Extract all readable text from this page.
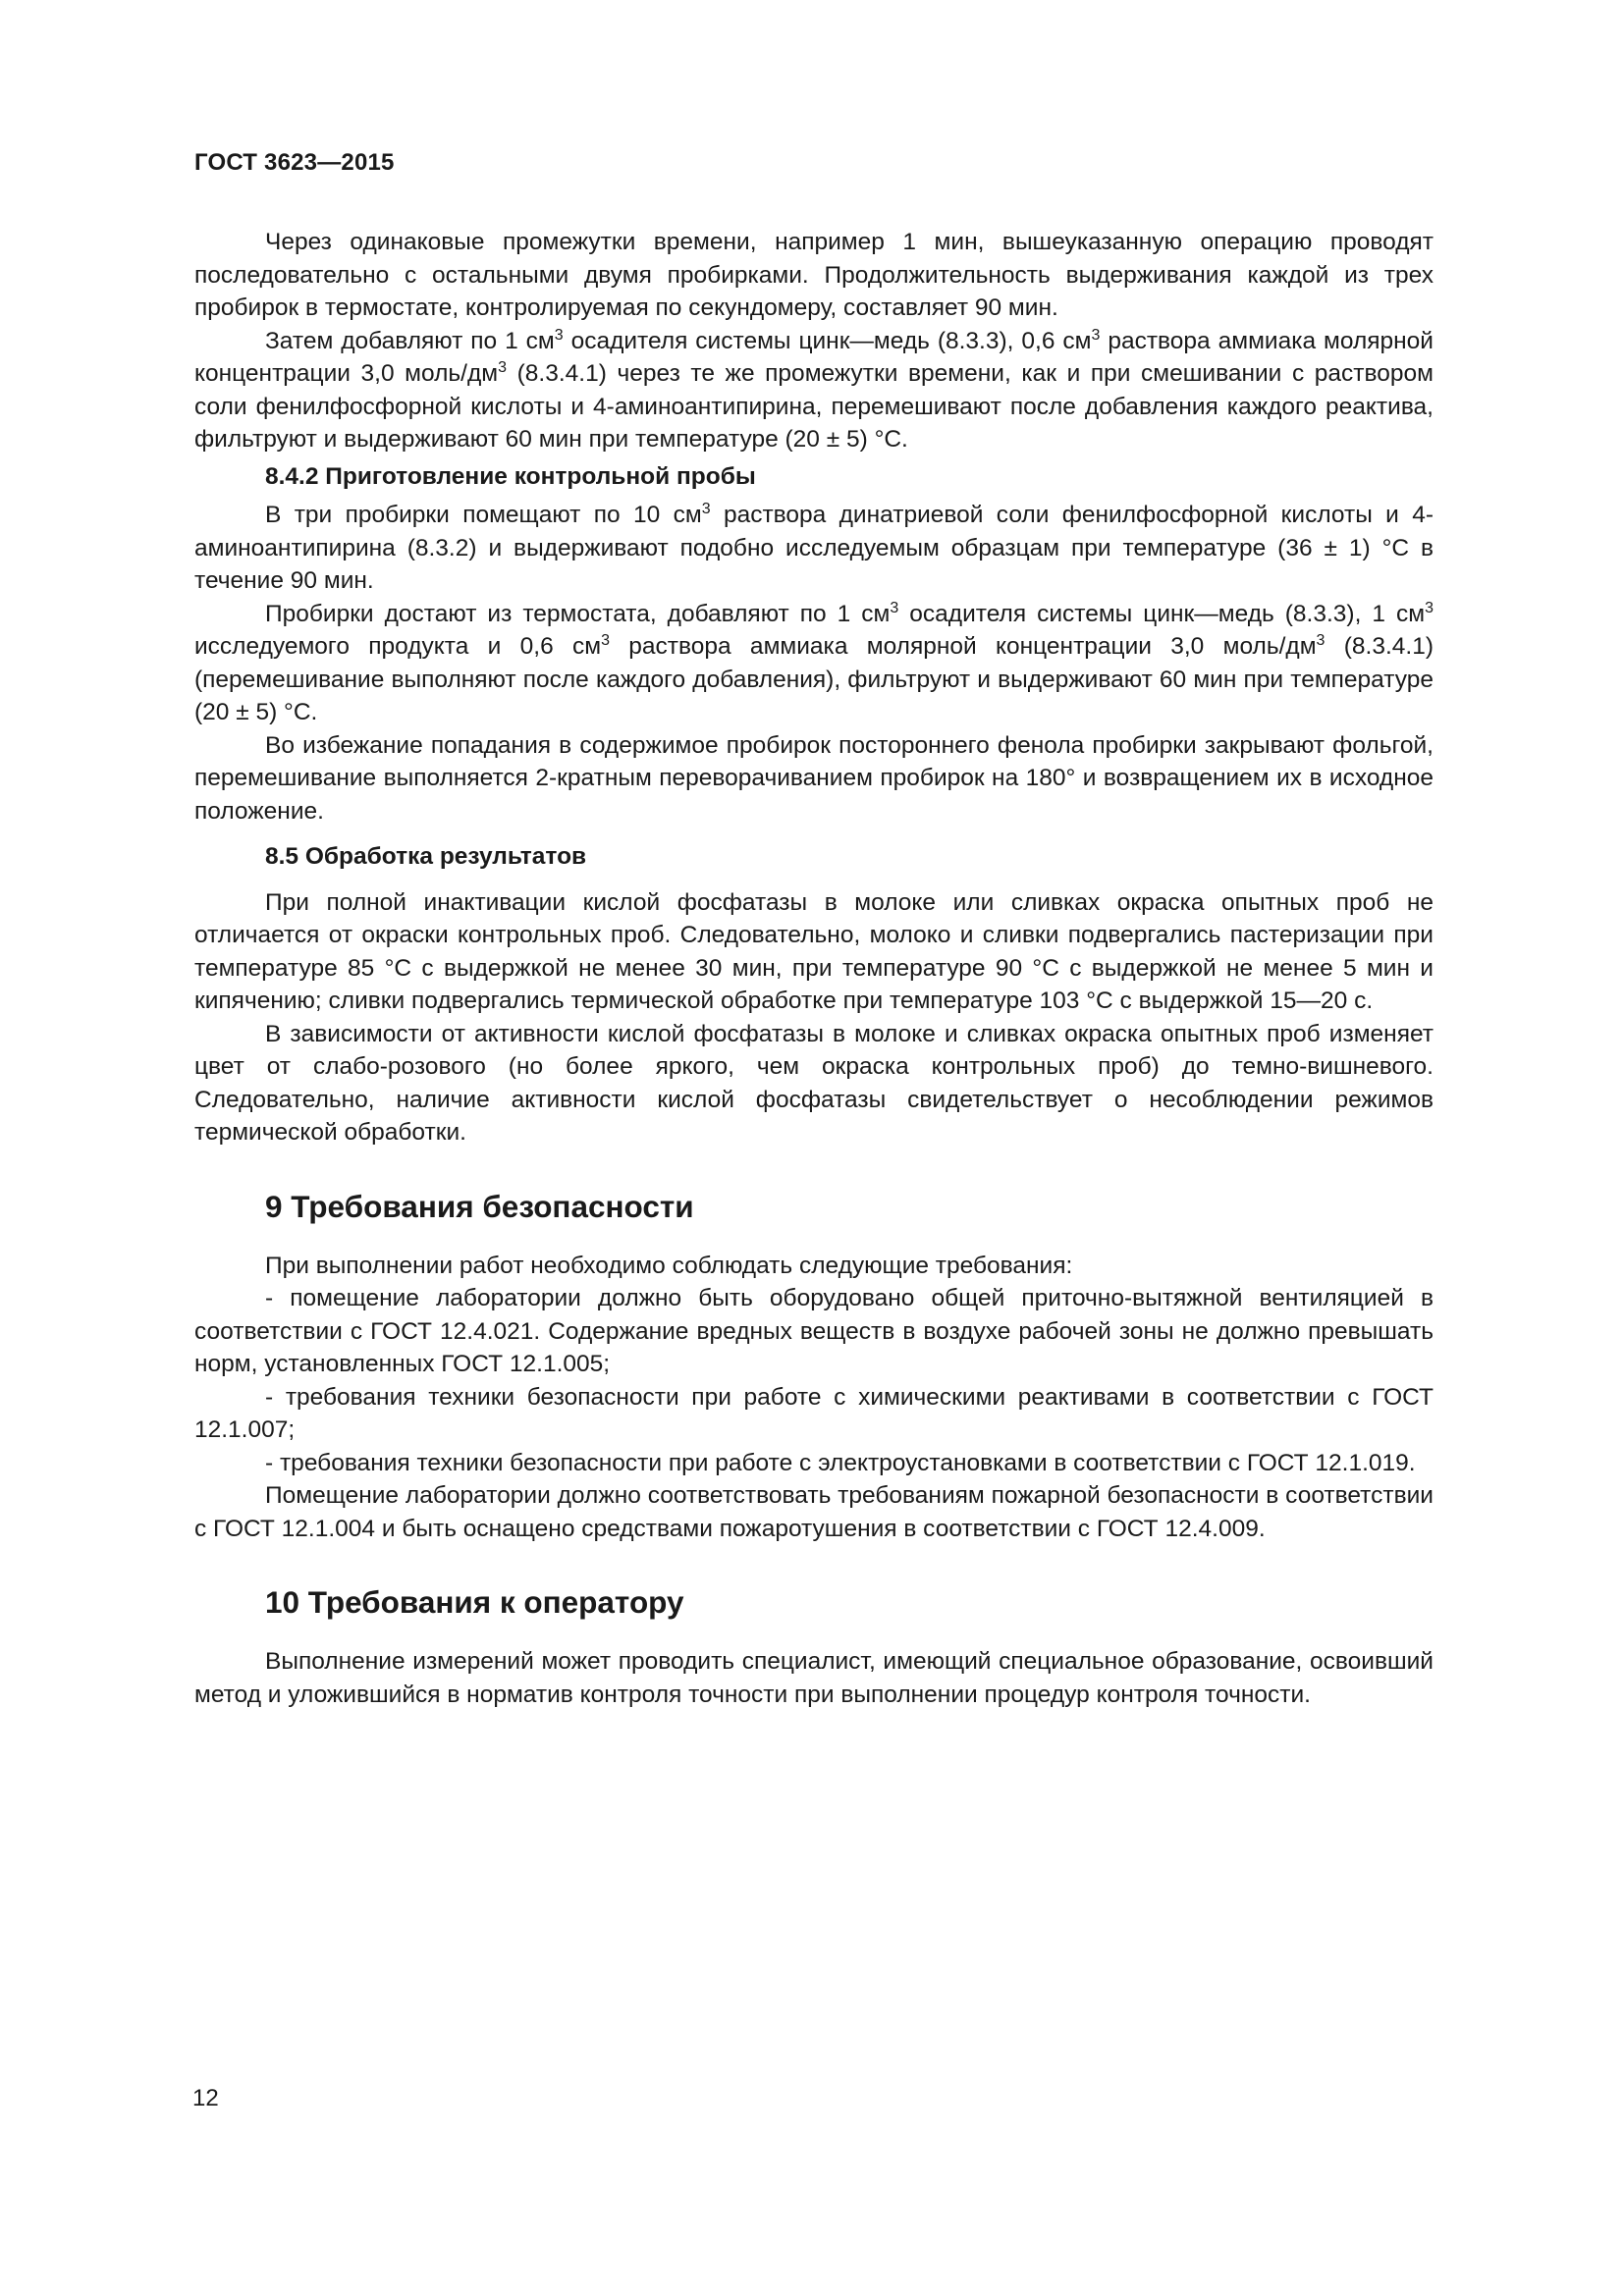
ГОСТ 3623—2015

Через одинаковые промежутки времени, например 1 мин, вышеуказанную операцию проводят последовательно с остальными двумя пробирками. Продолжительность выдерживания каждой из трех пробирок в термостате, контролируемая по секундомеру, составляет 90 мин.

Затем добавляют по 1 $см^3$ осадителя системы цинк—медь (8.3.3), 0,6 $см^3$ раствора аммиака молярной концентрации 3,0 моль/$дм^3$ (8.3.4.1) через те же промежутки времени, как и при смешивании с раствором соли фенилфосфорной кислоты и 4-аминоантипирина, перемешивают после добавления каждого реактива, фильтруют и выдерживают 60 мин при температуре (20 ± 5) °С.

8.4.2 Приготовление контрольной пробы

В три пробирки помещают по 10 $см^3$ раствора динатриевой соли фенилфосфорной кислоты и 4-аминоантипирина (8.3.2) и выдерживают подобно исследуемым образцам при температуре (36 ± 1) °С в течение 90 мин.

Пробирки достают из термостата, добавляют по 1 $см^3$ осадителя системы цинк—медь (8.3.3), 1 $см^3$ исследуемого продукта и 0,6 $см^3$ раствора аммиака молярной концентрации 3,0 моль/$дм^3$ (8.3.4.1) (перемешивание выполняют после каждого добавления), фильтруют и выдерживают 60 мин при температуре (20 ± 5) °С.

Во избежание попадания в содержимое пробирок постороннего фенола пробирки закрывают фольгой, перемешивание выполняется 2-кратным переворачиванием пробирок на 180° и возвращением их в исходное положение.

8.5 Обработка результатов

При полной инактивации кислой фосфатазы в молоке или сливках окраска опытных проб не отличается от окраски контрольных проб. Следовательно, молоко и сливки подвергались пастеризации при температуре 85 °С с выдержкой не менее 30 мин, при температуре 90 °С с выдержкой не менее 5 мин и кипячению; сливки подвергались термической обработке при температуре 103 °С с выдержкой 15—20 с.

В зависимости от активности кислой фосфатазы в молоке и сливках окраска опытных проб изменяет цвет от слабо-розового (но более яркого, чем окраска контрольных проб) до темно-вишневого. Следовательно, наличие активности кислой фосфатазы свидетельствует о несоблюдении режимов термической обработки.

9 Требования безопасности

При выполнении работ необходимо соблюдать следующие требования:

- помещение лаборатории должно быть оборудовано общей приточно-вытяжной вентиляцией в соответствии с ГОСТ 12.4.021. Содержание вредных веществ в воздухе рабочей зоны не должно превышать норм, установленных ГОСТ 12.1.005;

- требования техники безопасности при работе с химическими реактивами в соответствии с ГОСТ 12.1.007;

- требования техники безопасности при работе с электроустановками в соответствии с ГОСТ 12.1.019.

Помещение лаборатории должно соответствовать требованиям пожарной безопасности в соответствии с ГОСТ 12.1.004 и быть оснащено средствами пожаротушения в соответствии с ГОСТ 12.4.009.

10 Требования к оператору

Выполнение измерений может проводить специалист, имеющий специальное образование, освоивший метод и уложившийся в норматив контроля точности при выполнении процедур контроля точности.

12
